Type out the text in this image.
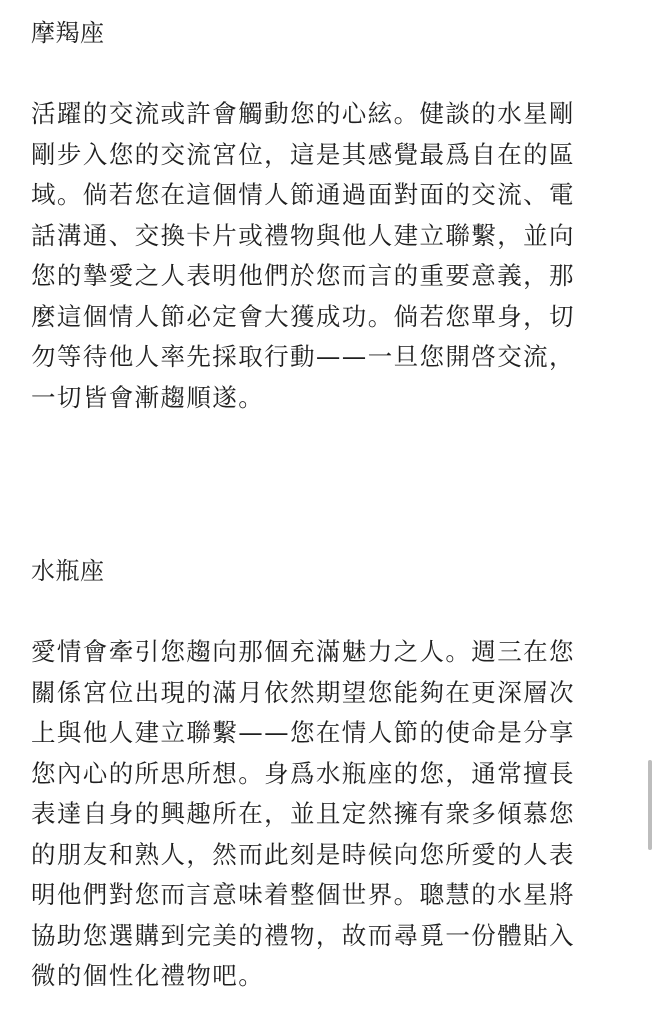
摩羯座
活躍的交流或許會觸動您的心絃。健談的水星剛
剛步入您的交流宮位，這是其感覺最爲自在的區
域。倘若您在這個情人節通過面對面的交流、電
話溝通、交換卡片或禮物與他人建立聯繫，並向
您的摯愛之人表明他們於您而言的重要意義，那
麼這個情人節必定會大獲成功。倘若您單身，切
勿等待他人率先採取行動——一旦您開啓交流，
一切皆會漸趨順遂。
水瓶座
愛情會牽引您趨向那個充滿魅力之人。週三在您
關係宮位出現的滿月依然期望您能夠在更深層次
上與他人建立聯繫——您在情人節的使命是分享
您內心的所思所想。身爲水瓶座的您，通常擅長
表達自身的興趣所在，並且定然擁有衆多傾慕您
的朋友和熟人，然而此刻是時候向您所愛的人表
明他們對您而言意味着整個世界。聰慧的水星將
協助您選購到完美的禮物，故而尋覓一份體貼入
微的個性化禮物吧。
